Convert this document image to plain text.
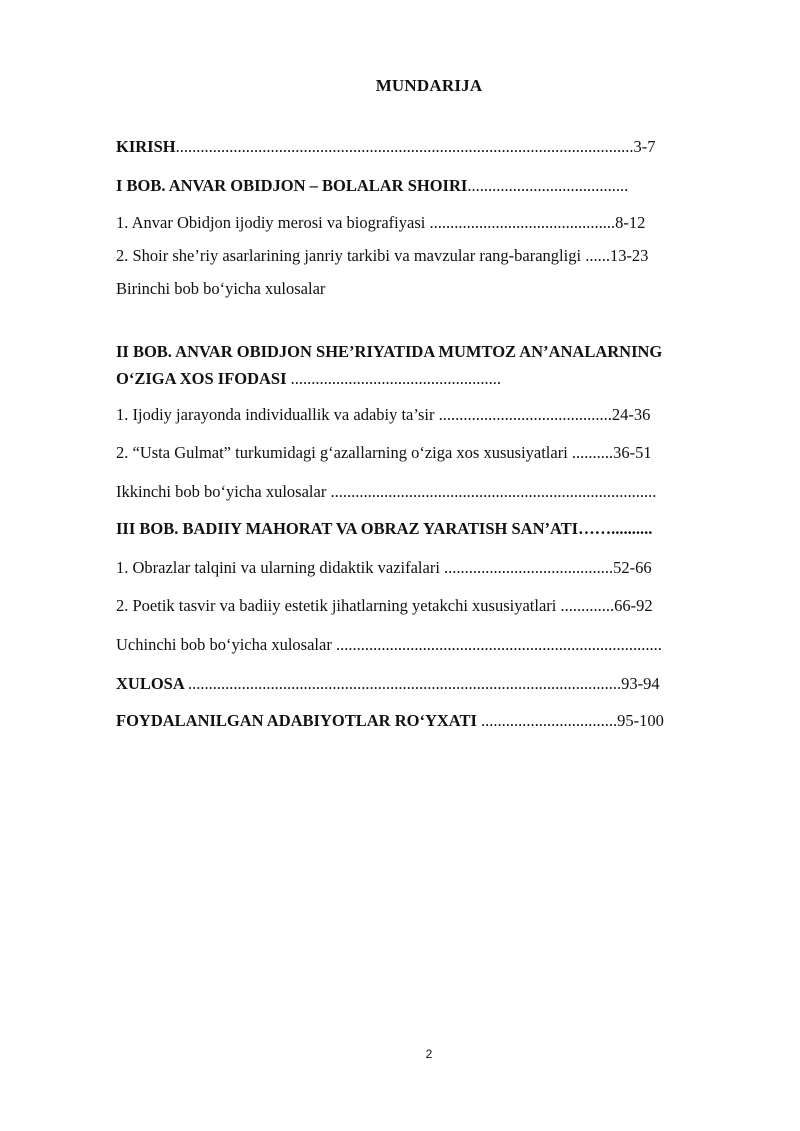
MUNDARIJA
KIRISH...............................................................................................................3-7
I BOB. ANVAR OBIDJON – BOLALAR SHOIRI.......................................
1. Anvar Obidjon ijodiy merosi va biografiyasi .............................................8-12
2. Shoir she’riy asarlarining janriy tarkibi va mavzular rang-barangligi ......13-23
Birinchi bob bo‘yicha xulosalar
II BOB. ANVAR OBIDJON SHE’RIYATIDA MUMTOZ AN’ANALARNING
O‘ZIGA XOS IFODASI ...................................................
1. Ijodiy jarayonda individuallik va adabiy ta’sir ..........................................24-36
2. “Usta Gulmat” turkumidagi g‘azallarning o‘ziga xos xususiyatlari ..........36-51
Ikkinchi bob bo‘yicha xulosalar ...............................................................................
III BOB. BADIIY MAHORAT VA OBRAZ YARATISH SAN’ATI……..........
1. Obrazlar talqini va ularning didaktik vazifalari .........................................52-66
2. Poetik tasvir va badiiy estetik jihatlarning yetakchi xususiyatlari .............66-92
Uchinchi bob bo‘yicha xulosalar ...............................................................................
XULOSA .........................................................................................................93-94
FOYDALANILGAN ADABIYOTLAR RO‘YXATI .................................95-100
2
